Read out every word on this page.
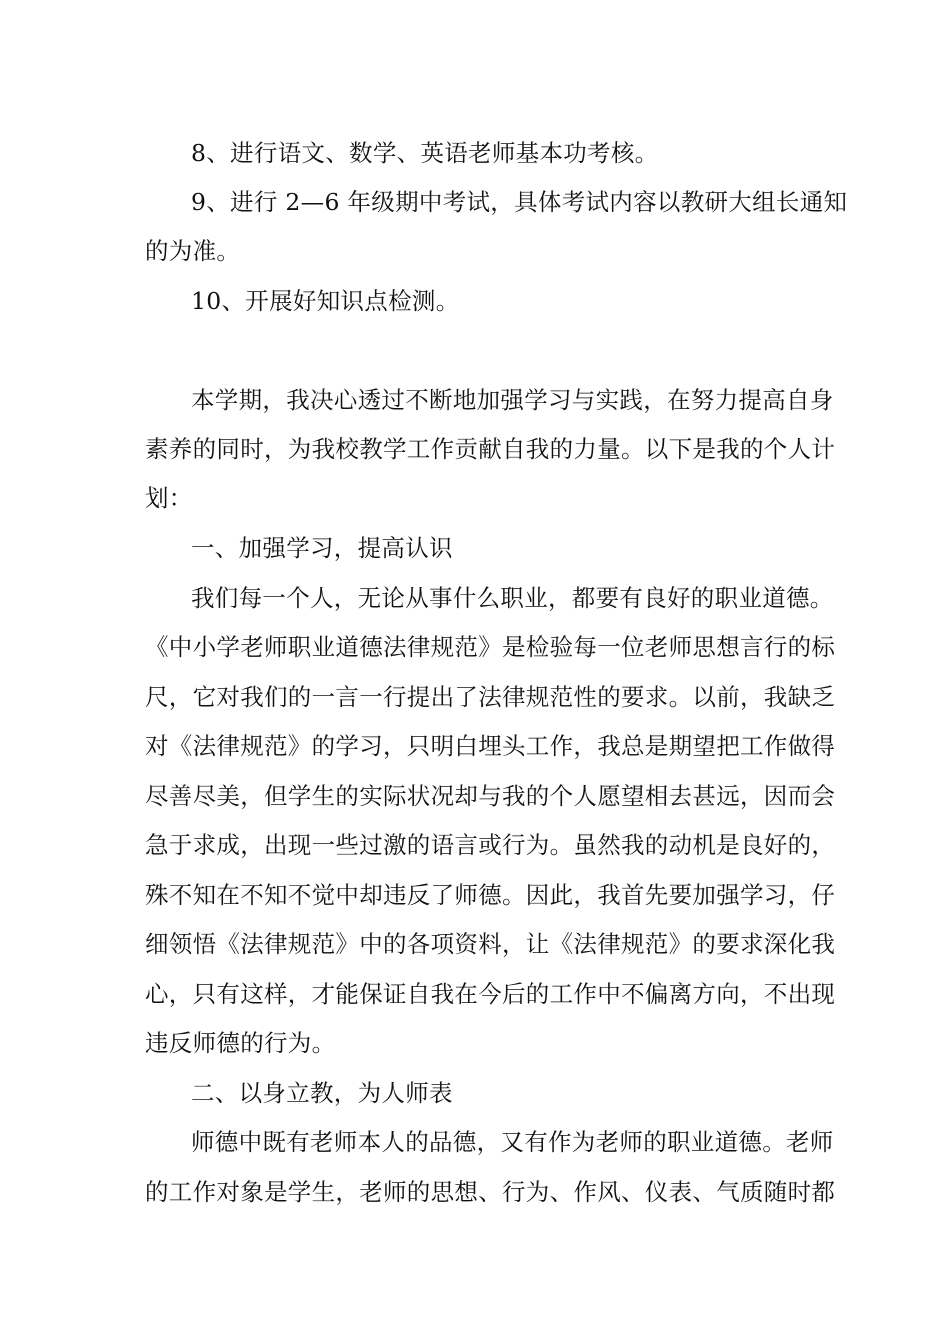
8、进行语文、数学、英语老师基本功考核。
9、进行 2—6 年级期中考试，具体考试内容以教研大组长通知
的为准。
10、开展好知识点检测。
本学期，我决心透过不断地加强学习与实践，在努力提高自身
素养的同时，为我校教学工作贡献自我的力量。以下是我的个人计
划：
一、加强学习，提高认识
我们每一个人，无论从事什么职业，都要有良好的职业道德。
《中小学老师职业道德法律规范》是检验每一位老师思想言行的标
尺，它对我们的一言一行提出了法律规范性的要求。以前，我缺乏
对《法律规范》的学习，只明白埋头工作，我总是期望把工作做得
尽善尽美，但学生的实际状况却与我的个人愿望相去甚远，因而会
急于求成，出现一些过激的语言或行为。虽然我的动机是良好的，
殊不知在不知不觉中却违反了师德。因此，我首先要加强学习，仔
细领悟《法律规范》中的各项资料，让《法律规范》的要求深化我
心，只有这样，才能保证自我在今后的工作中不偏离方向，不出现
违反师德的行为。
二、以身立教，为人师表
师德中既有老师本人的品德，又有作为老师的职业道德。老师
的工作对象是学生，老师的思想、行为、作风、仪表、气质随时都
